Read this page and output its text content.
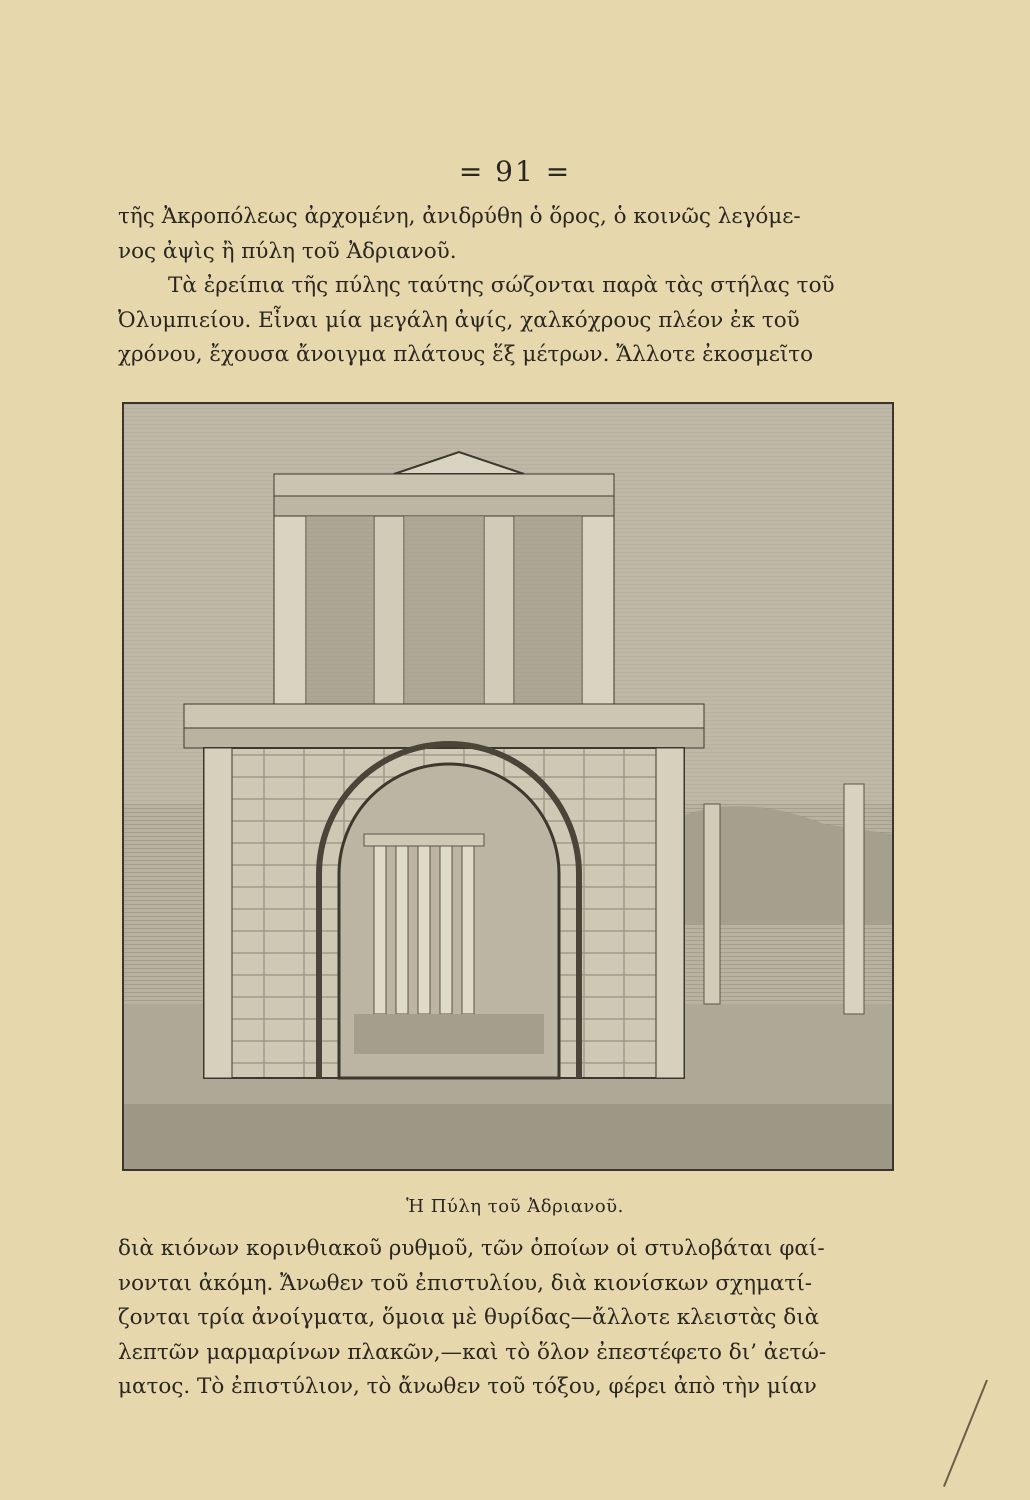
= 91 =
τῆς Ἀκροπόλεως ἀρχομένη, ἀνιδρύθη ὁ ὅρος, ὁ κοινῶς λεγόμε-
νος ἀψὶς ἢ πύλη τοῦ Ἀδριανοῦ.
Τὰ ἐρείπια τῆς πύλης ταύτης σώζονται παρὰ τὰς στήλας τοῦ
Ὀλυμπιείου. Εἶναι μία μεγάλη ἀψίς, χαλκόχρους πλέον ἐκ τοῦ
χρόνου, ἔχουσα ἄνοιγμα πλάτους ἕξ μέτρων. Ἄλλοτε ἐκοσμεῖτο
Ἡ Πύλη τοῦ Ἀδριανοῦ.
διὰ κιόνων κορινθιακοῦ ρυθμοῦ, τῶν ὁποίων οἱ στυλοβάται φαί-
νονται ἀκόμη. Ἄνωθεν τοῦ ἐπιστυλίου, διὰ κιονίσκων σχηματί-
ζονται τρία ἀνοίγματα, ὅμοια μὲ θυρίδας—ἄλλοτε κλειστὰς διὰ
λεπτῶν μαρμαρίνων πλακῶν,—καὶ τὸ ὅλον ἐπεστέφετο δι’ ἀετώ-
ματος. Τὸ ἐπιστύλιον, τὸ ἄνωθεν τοῦ τόξου, φέρει ἀπὸ τὴν μίαν
